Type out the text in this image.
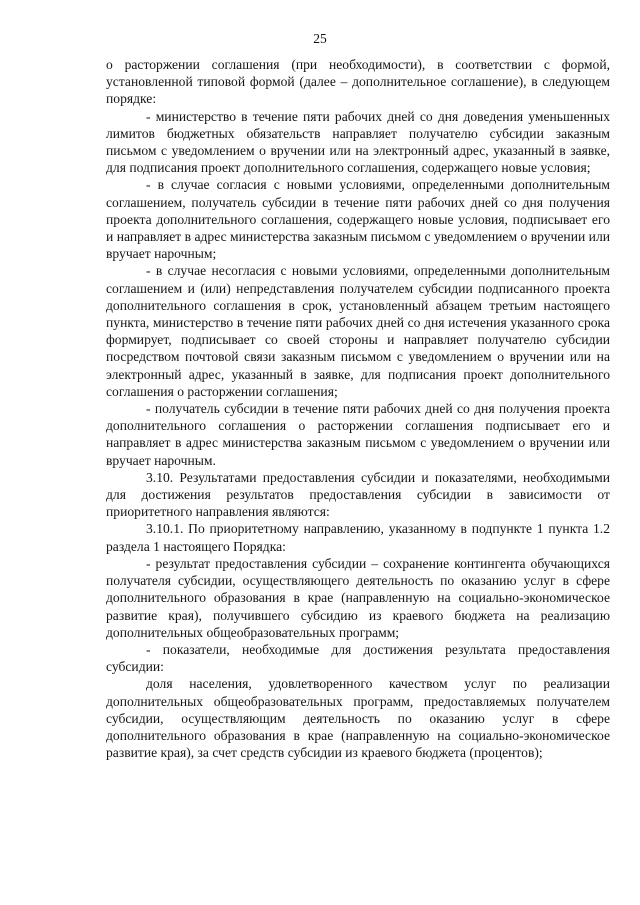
25

о расторжении соглашения (при необходимости), в соответствии с формой, установленной типовой формой (далее – дополнительное соглашение), в следующем порядке:

- министерство в течение пяти рабочих дней со дня доведения уменьшенных лимитов бюджетных обязательств направляет получателю субсидии заказным письмом с уведомлением о вручении или на электронный адрес, указанный в заявке, для подписания проект дополнительного соглашения, содержащего новые условия;

- в случае согласия с новыми условиями, определенными дополнительным соглашением, получатель субсидии в течение пяти рабочих дней со дня получения проекта дополнительного соглашения, содержащего новые условия, подписывает его и направляет в адрес министерства заказным письмом с уведомлением о вручении или вручает нарочным;

- в случае несогласия с новыми условиями, определенными дополнительным соглашением и (или) непредставления получателем субсидии подписанного проекта дополнительного соглашения в срок, установленный абзацем третьим настоящего пункта, министерство в течение пяти рабочих дней со дня истечения указанного срока формирует, подписывает со своей стороны и направляет получателю субсидии посредством почтовой связи заказным письмом с уведомлением о вручении или на электронный адрес, указанный в заявке, для подписания проект дополнительного соглашения о расторжении соглашения;

- получатель субсидии в течение пяти рабочих дней со дня получения проекта дополнительного соглашения о расторжении соглашения подписывает его и направляет в адрес министерства заказным письмом с уведомлением о вручении или вручает нарочным.

3.10. Результатами предоставления субсидии и показателями, необходимыми для достижения результатов предоставления субсидии в зависимости от приоритетного направления являются:

3.10.1. По приоритетному направлению, указанному в подпункте 1 пункта 1.2 раздела 1 настоящего Порядка:

- результат предоставления субсидии – сохранение контингента обучающихся получателя субсидии, осуществляющего деятельность по оказанию услуг в сфере дополнительного образования в крае (направленную на социально-экономическое развитие края), получившего субсидию из краевого бюджета на реализацию дополнительных общеобразовательных программ;

- показатели, необходимые для достижения результата предоставления субсидии:

доля населения, удовлетворенного качеством услуг по реализации дополнительных общеобразовательных программ, предоставляемых получателем субсидии, осуществляющим деятельность по оказанию услуг в сфере дополнительного образования в крае (направленную на социально-экономическое развитие края), за счет средств субсидии из краевого бюджета (процентов);
